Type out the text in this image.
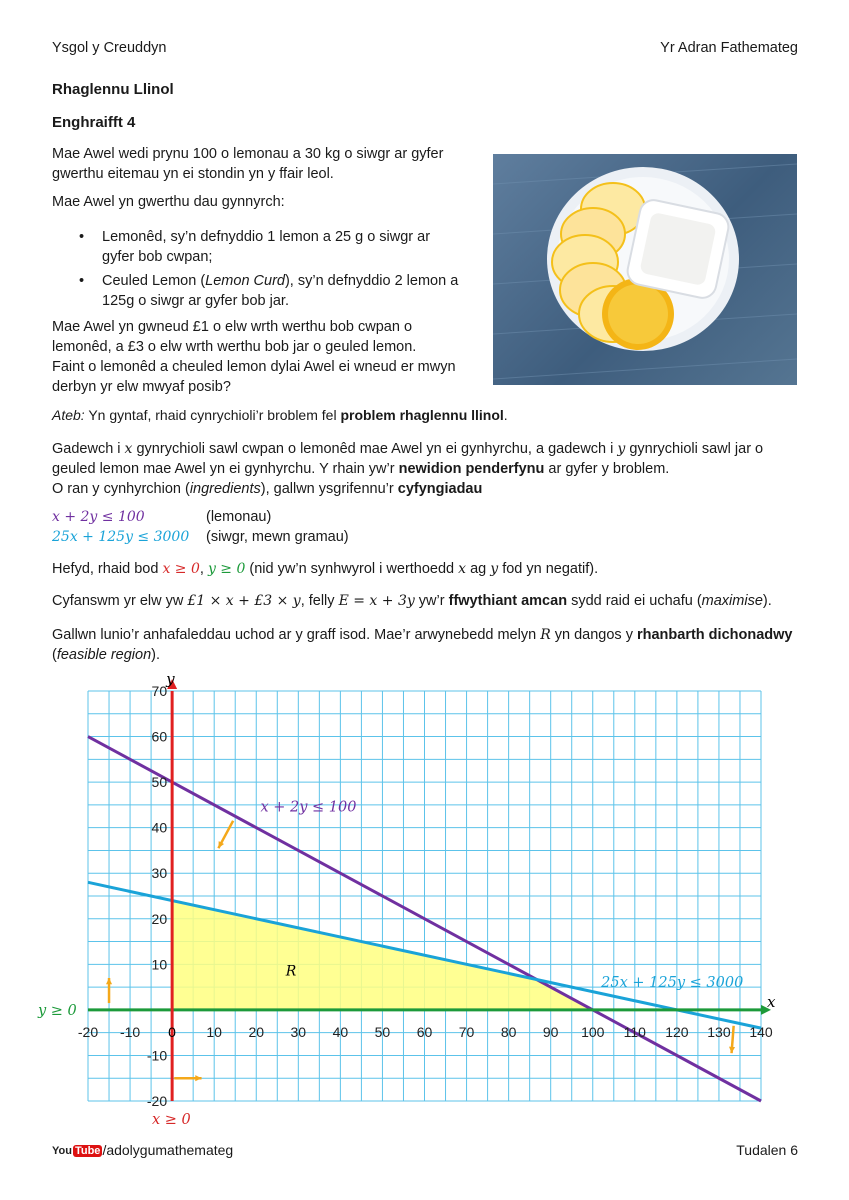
Ysgol y Creuddyn	Yr Adran Fathemateg
Rhaglennu Llinol
Enghraifft 4

Mae Awel wedi prynu 100 o lemonau a 30 kg o siwgr ar gyfer

gwerthu eitemau yn ei stondin yn y ffair leol.

Mae Awel yn gwerthu dau gynnyrch:
• Lemonêd, sy’n defnyddio 1 lemon a 25 g o siwgr ar
gyfer bob cwpan;
• Ceuled Lemon (Lemon Curd), sy’n defnyddio 2 lemon a
125g o siwgr ar gyfer bob jar.

Mae Awel yn gwneud £1 o elw wrth werthu bob cwpan o

lemonêd, a £3 o elw wrth werthu bob jar o geuled lemon.

Faint o lemonêd a cheuled lemon dylai Awel ei wneud er mwyn

derbyn yr elw mwyaf posib?

Ateb: Yn gyntaf, rhaid cynrychioli’r broblem fel problem rhaglennu llinol.

Gadewch i x gynrychioli sawl cwpan o lemonêd mae Awel yn ei gynhyrchu, a gadewch i y gynrychioli sawl jar o

geuled lemon mae Awel yn ei gynhyrchu. Y rhain yw’r newidion penderfynu ar gyfer y broblem.

O ran y cynhyrchion (ingredients), gallwn ysgrifennu’r cyfyngiadau

x + 2y ≤ 100	(lemonau)
25x + 125y ≤ 3000 (siwgr, mewn gramau)
Hefyd, rhaid bod x ≥ 0, y ≥ 0 (nid yw’n synhwyrol i werthoedd x ag y fod yn negatif).
Cyfanswm yr elw yw £1 × x + £3 × y, felly E = x + 3y yw’r ffwythiant amcan sydd raid ei uchafu (maximise).

Gallwn lunio’r anhafaleddau uchod ar y graff isod. Mae’r arwynebedd melyn R yn dangos y rhanbarth dichonadwy

(feasible region).

-20 -10	10 20 30 40 50 60 70 80 90 100 110 120 130 140
-20
-10
10
20
30
40
50
60
70
R
x + 2y ≤ 100
25x + 125y ≤ 3000
y ≥ 0
x ≥ 0
x
y
0
You Tube /adolygumathemateg	Tudalen 6
